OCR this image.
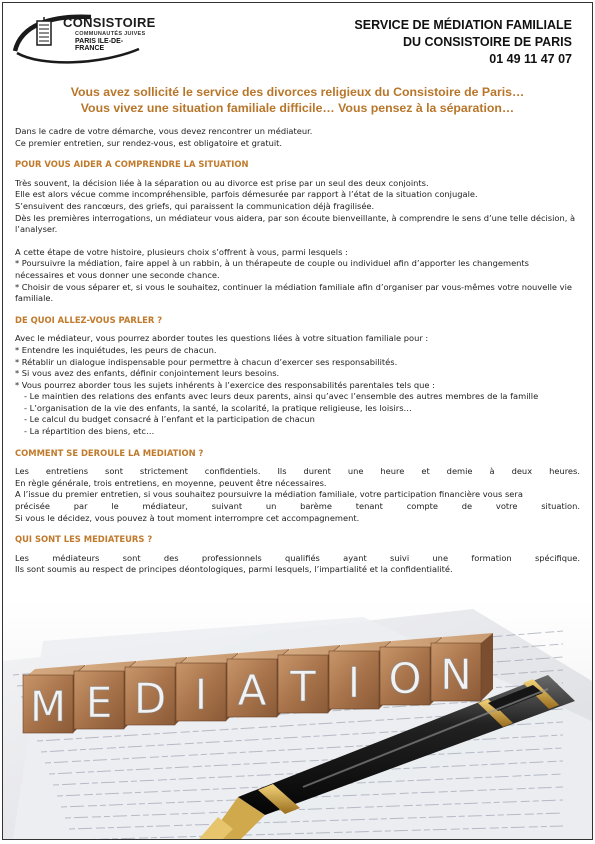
CONSISTOIRE
COMMUNAUTÉS JUIVES
PARIS ILE-DE-FRANCE
SERVICE DE MÉDIATION FAMILIALE
DU CONSISTOIRE DE PARIS
01 49 11 47 07
Vous avez sollicité le service des divorces religieux du Consistoire de Paris…
Vous vivez une situation familiale difficile… Vous pensez à la séparation…

Dans le cadre de votre démarche, vous devez rencontrer un médiateur.

Ce premier entretien, sur rendez-vous, est obligatoire et gratuit.

POUR VOUS AIDER A COMPRENDRE LA SITUATION

Très souvent, la décision liée à la séparation ou au divorce est prise par un seul des deux conjoints.

Elle est alors vécue comme incompréhensible, parfois démesurée par rapport à l’état de la situation conjugale.

S’ensuivent des rancœurs, des griefs, qui paraissent la communication déjà fragilisée.

Dès les premières interrogations, un médiateur vous aidera, par son écoute bienveillante, à comprendre le sens d’une telle décision, à l’analyser.

A cette étape de votre histoire, plusieurs choix s’offrent à vous, parmi lesquels :

* Poursuivre la médiation, faire appel à un rabbin, à un thérapeute de couple ou individuel afin d’apporter les changements nécessaires et vous donner une seconde chance.

* Choisir de vous séparer et, si vous le souhaitez, continuer la médiation familiale afin d’organiser par vous-mêmes votre nouvelle vie familiale.

DE QUOI ALLEZ-VOUS PARLER ?

Avec le médiateur, vous pourrez aborder toutes les questions liées à votre situation familiale pour :

* Entendre les inquiétudes, les peurs de chacun.

* Rétablir un dialogue indispensable pour permettre à chacun d’exercer ses responsabilités.

* Si vous avez des enfants, définir conjointement leurs besoins.

* Vous pourrez aborder tous les sujets inhérents à l’exercice des responsabilités parentales tels que :

- Le maintien des relations des enfants avec leurs deux parents, ainsi qu’avec l’ensemble des autres membres de la famille

- L’organisation de la vie des enfants, la santé, la scolarité, la pratique religieuse, les loisirs…

- Le calcul du budget consacré à l’enfant et la participation de chacun

- La répartition des biens, etc…

COMMENT SE DEROULE LA MEDIATION ?

Les entretiens sont strictement confidentiels. Ils durent une heure et demie à deux heures.

En règle générale, trois entretiens, en moyenne, peuvent être nécessaires.

A l’issue du premier entretien, si vous souhaitez poursuivre la médiation familiale, votre participation financière vous sera

précisée par le médiateur, suivant un barème tenant compte de votre situation.

Si vous le décidez, vous pouvez à tout moment interrompre cet accompagnement.

QUI SONT LES MEDIATEURS ?

Les médiateurs sont des professionnels qualifiés ayant suivi une formation spécifique.

Ils sont soumis au respect de principes déontologiques, parmi lesquels, l’impartialité et la confidentialité.

M E D I A T I O N
